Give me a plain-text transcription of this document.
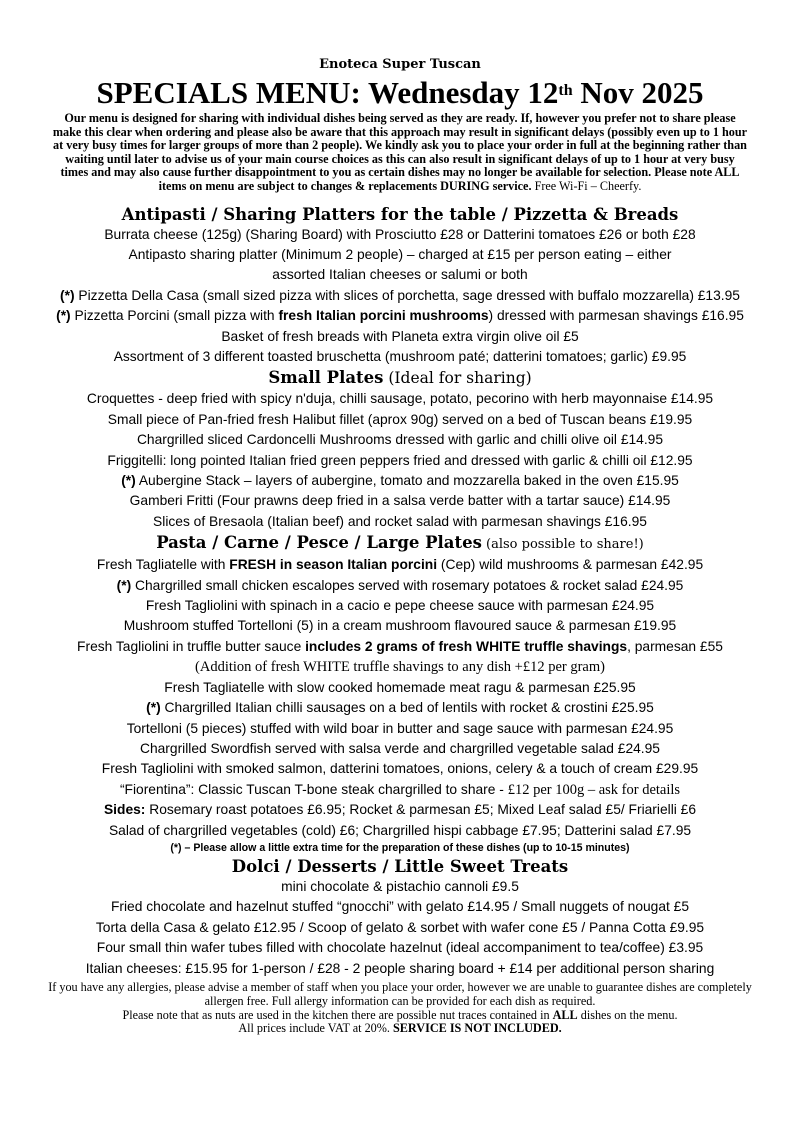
Enoteca Super Tuscan

SPECIALS MENU: Wednesday 12th Nov 2025

Our menu is designed for sharing with individual dishes being served as they are ready. If, however you prefer not to share please make this clear when ordering and please also be aware that this approach may result in significant delays (possibly even up to 1 hour at very busy times for larger groups of more than 2 people). We kindly ask you to place your order in full at the beginning rather than waiting until later to advise us of your main course choices as this can also result in significant delays of up to 1 hour at very busy times and may also cause further disappointment to you as certain dishes may no longer be available for selection. Please note ALL items on menu are subject to changes & replacements DURING service. Free Wi-Fi – Cheerfy.

Antipasti / Sharing Platters for the table / Pizzetta & Breads

Burrata cheese (125g) (Sharing Board) with Prosciutto £28 or Datterini tomatoes £26 or both £28

Antipasto sharing platter (Minimum 2 people) – charged at £15 per person eating – either

assorted Italian cheeses or salumi or both

(*) Pizzetta Della Casa (small sized pizza with slices of porchetta, sage dressed with buffalo mozzarella) £13.95

(*) Pizzetta Porcini (small pizza with fresh Italian porcini mushrooms) dressed with parmesan shavings £16.95

Basket of fresh breads with Planeta extra virgin olive oil £5

Assortment of 3 different toasted bruschetta (mushroom paté; datterini tomatoes; garlic) £9.95

Small Plates (Ideal for sharing)

Croquettes - deep fried with spicy n'duja, chilli sausage, potato, pecorino with herb mayonnaise £14.95

Small piece of Pan-fried fresh Halibut fillet (aprox 90g) served on a bed of Tuscan beans £19.95

Chargrilled sliced Cardoncelli Mushrooms dressed with garlic and chilli olive oil £14.95

Friggitelli: long pointed Italian fried green peppers fried and dressed with garlic & chilli oil £12.95

(*) Aubergine Stack – layers of aubergine, tomato and mozzarella baked in the oven £15.95

Gamberi Fritti (Four prawns deep fried in a salsa verde batter with a tartar sauce) £14.95

Slices of Bresaola (Italian beef) and rocket salad with parmesan shavings £16.95

Pasta / Carne / Pesce / Large Plates (also possible to share!)

Fresh Tagliatelle with FRESH in season Italian porcini (Cep) wild mushrooms & parmesan £42.95

(*) Chargrilled small chicken escalopes served with rosemary potatoes & rocket salad £24.95

Fresh Tagliolini with spinach in a cacio e pepe cheese sauce with parmesan £24.95

Mushroom stuffed Tortelloni (5) in a cream mushroom flavoured sauce & parmesan £19.95

Fresh Tagliolini in truffle butter sauce includes 2 grams of fresh WHITE truffle shavings, parmesan £55

(Addition of fresh WHITE truffle shavings to any dish +£12 per gram)

Fresh Tagliatelle with slow cooked homemade meat ragu & parmesan £25.95

(*) Chargrilled Italian chilli sausages on a bed of lentils with rocket & crostini £25.95

Tortelloni (5 pieces) stuffed with wild boar in butter and sage sauce with parmesan £24.95

Chargrilled Swordfish served with salsa verde and chargrilled vegetable salad £24.95

Fresh Tagliolini with smoked salmon, datterini tomatoes, onions, celery & a touch of cream £29.95

“Fiorentina”: Classic Tuscan T-bone steak chargrilled to share - £12 per 100g – ask for details

Sides: Rosemary roast potatoes £6.95; Rocket & parmesan £5; Mixed Leaf salad £5/ Friarielli £6

Salad of chargrilled vegetables (cold) £6; Chargrilled hispi cabbage £7.95; Datterini salad £7.95

(*) – Please allow a little extra time for the preparation of these dishes (up to 10-15 minutes)

Dolci / Desserts / Little Sweet Treats

mini chocolate & pistachio cannoli £9.5

Fried chocolate and hazelnut stuffed “gnocchi” with gelato £14.95 / Small nuggets of nougat £5

Torta della Casa & gelato £12.95 / Scoop of gelato & sorbet with wafer cone £5 / Panna Cotta £9.95

Four small thin wafer tubes filled with chocolate hazelnut (ideal accompaniment to tea/coffee) £3.95

Italian cheeses: £15.95 for 1-person / £28 - 2 people sharing board + £14 per additional person sharing

If you have any allergies, please advise a member of staff when you place your order, however we are unable to guarantee dishes are completely allergen free. Full allergy information can be provided for each dish as required.
Please note that as nuts are used in the kitchen there are possible nut traces contained in ALL dishes on the menu.
All prices include VAT at 20%. SERVICE IS NOT INCLUDED.
